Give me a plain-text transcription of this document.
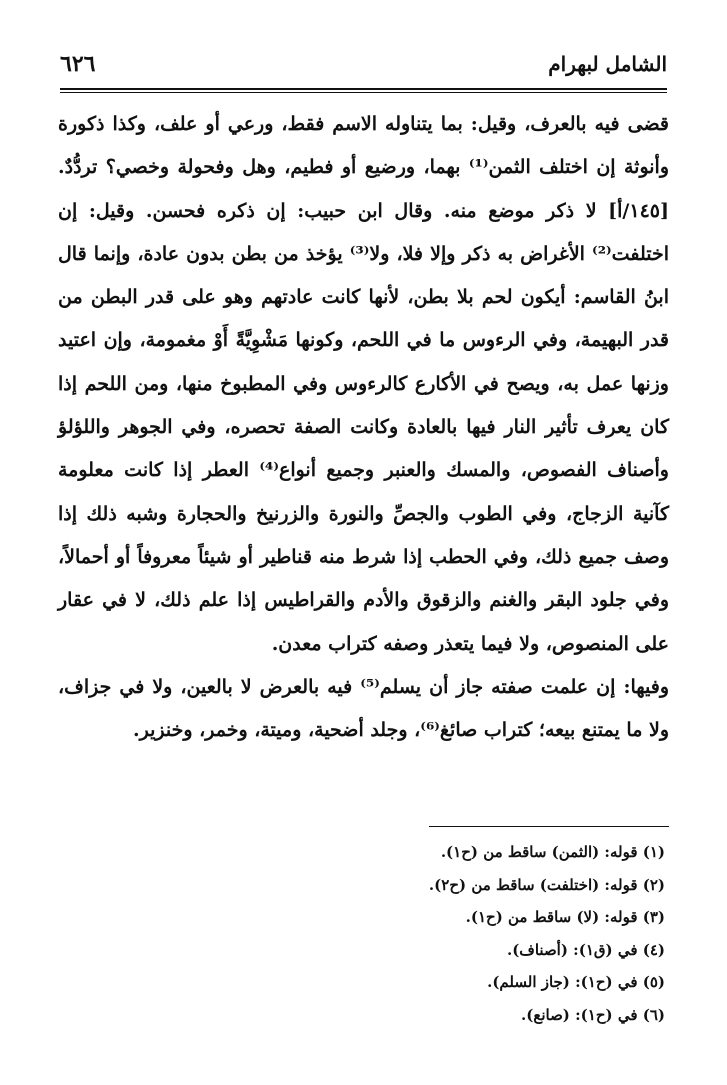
الشامل لبهرام
٦٢٦

قضى فيه بالعرف، وقيل: بما يتناوله الاسم فقط، ورعي أو علف، وكذا ذكورة وأنوثة إن اختلف الثمن⁽¹⁾ بهما، ورضيع أو فطيم، وهل وفحولة وخصي؟ تردُّدٌ. [١٤٥/أ] لا ذكر موضع منه. وقال ابن حبيب: إن ذكره فحسن. وقيل: إن اختلفت⁽²⁾ الأغراض به ذكر وإلا فلا، ولا⁽³⁾ يؤخذ من بطن بدون عادة، وإنما قال ابنُ القاسم: أيكون لحم بلا بطن، لأنها كانت عادتهم وهو على قدر البطن من قدر البهيمة، وفي الرءوس ما في اللحم، وكونها مَشْوِيَّةً أَوْ مغمومة، وإن اعتيد وزنها عمل به، ويصح في الأكارع كالرءوس وفي المطبوخ منها، ومن اللحم إذا كان يعرف تأثير النار فيها بالعادة وكانت الصفة تحصره، وفي الجوهر واللؤلؤ وأصناف الفصوص، والمسك والعنبر وجميع أنواع⁽⁴⁾ العطر إذا كانت معلومة كآنية الزجاج، وفي الطوب والجصِّ والنورة والزرنيخ والحجارة وشبه ذلك إذا وصف جميع ذلك، وفي الحطب إذا شرط منه قناطير أو شيئاً معروفاً أو أحمالاً، وفي جلود البقر والغنم والزقوق والأدم والقراطيس إذا علم ذلك، لا في عقار على المنصوص، ولا فيما يتعذر وصفه كتراب معدن.

وفيها: إن علمت صفته جاز أن يسلم⁽⁵⁾ فيه بالعرض لا بالعين، ولا في جزاف، ولا ما يمتنع بيعه؛ كتراب صائغ⁽⁶⁾، وجلد أضحية، وميتة، وخمر، وخنزير.

(١) قوله: (الثمن) ساقط من (ح١).
(٢) قوله: (اختلفت) ساقط من (ح٢).
(٣) قوله: (لا) ساقط من (ح١).
(٤) في (ق١): (أصناف).
(٥) في (ح١): (جاز السلم).
(٦) في (ح١): (صانع).
